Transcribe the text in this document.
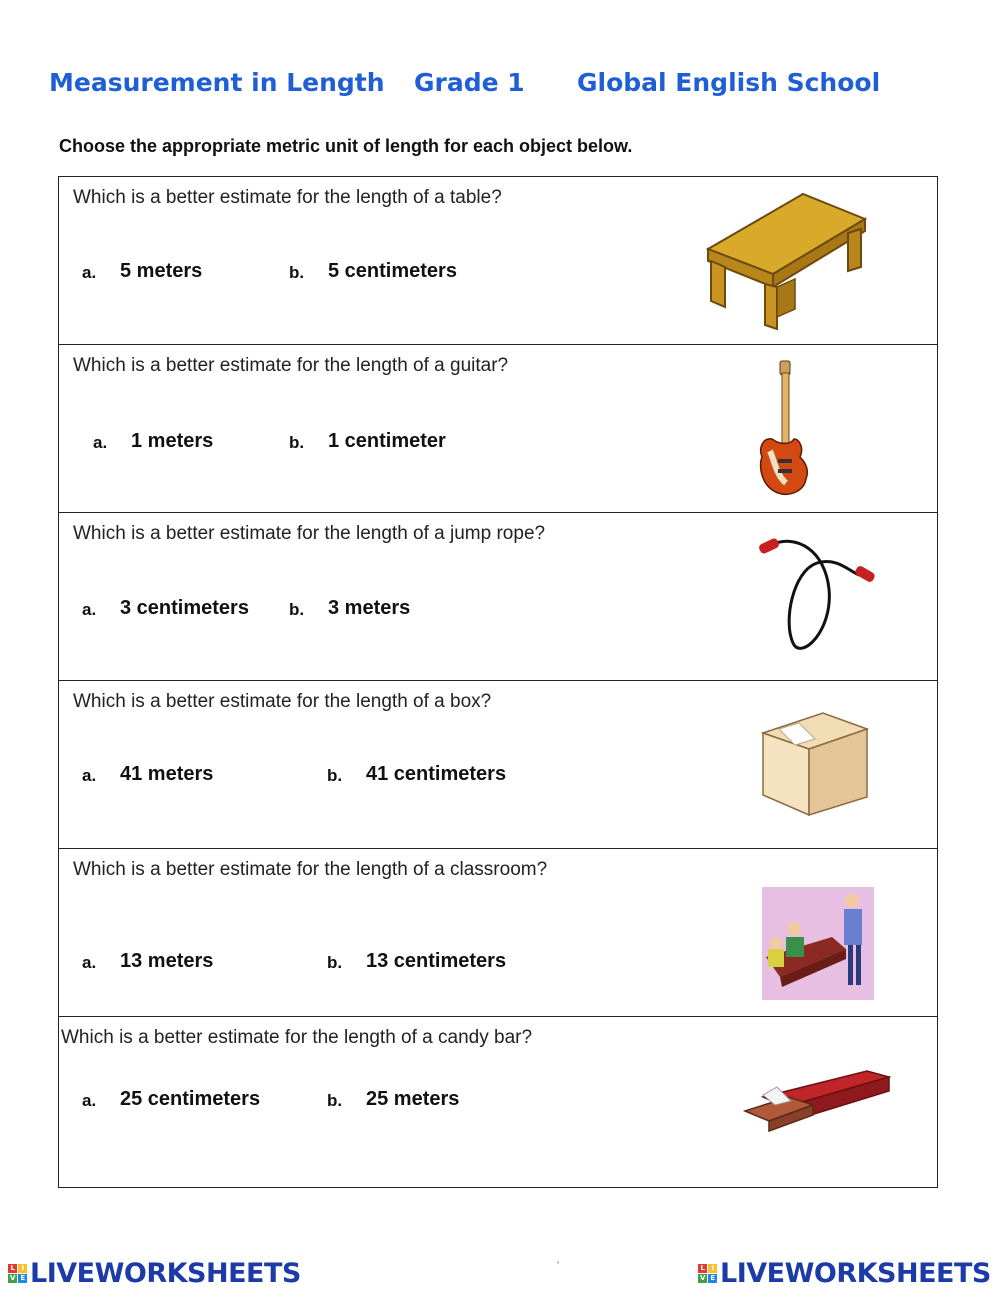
Measurement in Length Grade 1 Global English School
Choose the appropriate metric unit of length for each object below.
Which is a better estimate for the length of a table?
a. 5 meters	b. 5 centimeters
Which is a better estimate for the length of a guitar?
a. 1 meters	b. 1 centimeter
Which is a better estimate for the length of a jump rope?
a. 3 centimeters b. 3 meters
Which is a better estimate for the length of a box?
a. 41 meters	b. 41 centimeters
Which is a better estimate for the length of a classroom?
a. 13 meters	b. 13 centimeters
Which is a better estimate for the length of a candy bar?
a. 25 centimeters	b. 25 meters
L I
V E LIVEWORKSHEETS	‘	L I
V E LIVEWORKSHEETS
